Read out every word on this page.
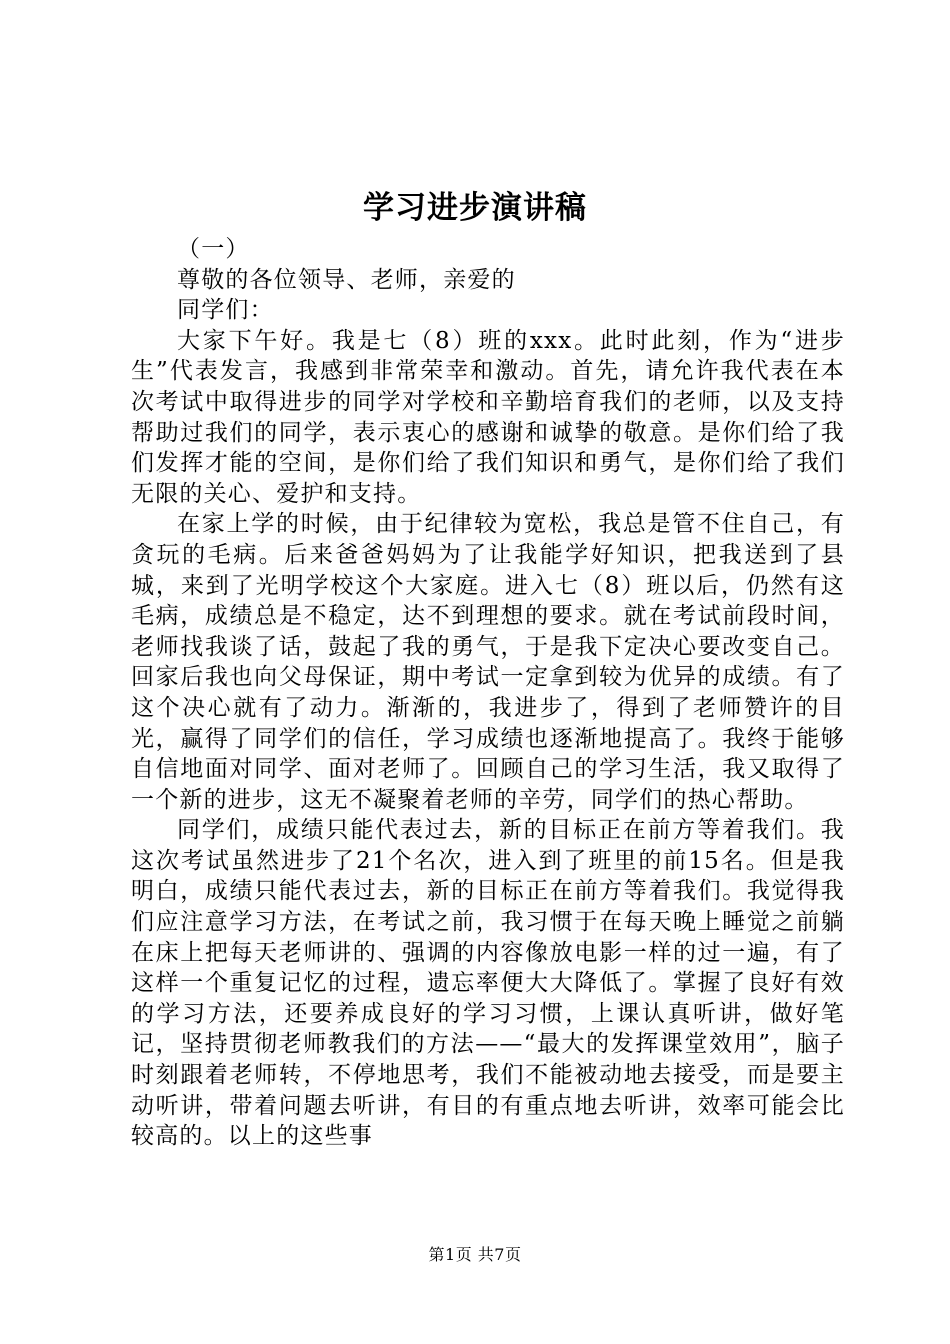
学习进步演讲稿

（一）

尊敬的各位领导、老师，亲爱的

同学们：

大家下午好。我是七（8）班的xxx。此时此刻，作为“进步生”代表发言，我感到非常荣幸和激动。首先，请允许我代表在本次考试中取得进步的同学对学校和辛勤培育我们的老师，以及支持帮助过我们的同学，表示衷心的感谢和诚挚的敬意。是你们给了我们发挥才能的空间，是你们给了我们知识和勇气，是你们给了我们无限的关心、爱护和支持。

在家上学的时候，由于纪律较为宽松，我总是管不住自己，有贪玩的毛病。后来爸爸妈妈为了让我能学好知识，把我送到了县城，来到了光明学校这个大家庭。进入七（8）班以后，仍然有这毛病，成绩总是不稳定，达不到理想的要求。就在考试前段时间，老师找我谈了话，鼓起了我的勇气，于是我下定决心要改变自己。回家后我也向父母保证，期中考试一定拿到较为优异的成绩。有了这个决心就有了动力。渐渐的，我进步了，得到了老师赞许的目光，赢得了同学们的信任，学习成绩也逐渐地提高了。我终于能够自信地面对同学、面对老师了。回顾自己的学习生活，我又取得了一个新的进步，这无不凝聚着老师的辛劳，同学们的热心帮助。

同学们，成绩只能代表过去，新的目标正在前方等着我们。我这次考试虽然进步了21个名次，进入到了班里的前15名。但是我明白，成绩只能代表过去，新的目标正在前方等着我们。我觉得我们应注意学习方法，在考试之前，我习惯于在每天晚上睡觉之前躺在床上把每天老师讲的、强调的内容像放电影一样的过一遍，有了这样一个重复记忆的过程，遗忘率便大大降低了。掌握了良好有效的学习方法，还要养成良好的学习习惯，上课认真听讲，做好笔记，坚持贯彻老师教我们的方法——“最大的发挥课堂效用”，脑子时刻跟着老师转，不停地思考，我们不能被动地去接受，而是要主动听讲，带着问题去听讲，有目的有重点地去听讲，效率可能会比较高的。以上的这些事

第1页 共7页
